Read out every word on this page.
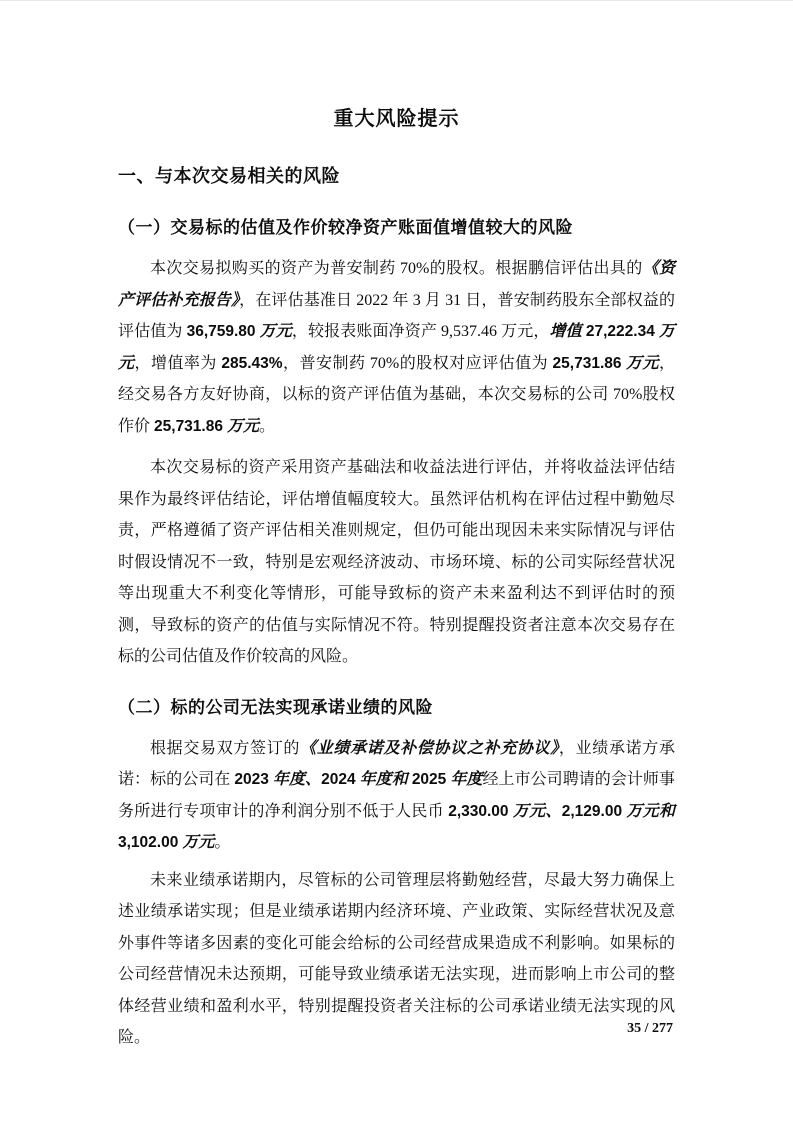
重大风险提示
一、与本次交易相关的风险
（一）交易标的估值及作价较净资产账面值增值较大的风险

本次交易拟购买的资产为普安制药 70%的股权。根据鹏信评估出具的《资产评估补充报告》，在评估基准日 2022 年 3 月 31 日，普安制药股东全部权益的评估值为 36,759.80 万元，较报表账面净资产 9,537.46 万元，增值 27,222.34 万元，增值率为 285.43%，普安制药 70%的股权对应评估值为 25,731.86 万元，经交易各方友好协商，以标的资产评估值为基础，本次交易标的公司 70%股权作价 25,731.86 万元。

本次交易标的资产采用资产基础法和收益法进行评估，并将收益法评估结果作为最终评估结论，评估增值幅度较大。虽然评估机构在评估过程中勤勉尽责，严格遵循了资产评估相关准则规定，但仍可能出现因未来实际情况与评估时假设情况不一致，特别是宏观经济波动、市场环境、标的公司实际经营状况等出现重大不利变化等情形，可能导致标的资产未来盈利达不到评估时的预测，导致标的资产的估值与实际情况不符。特别提醒投资者注意本次交易存在标的公司估值及作价较高的风险。

（二）标的公司无法实现承诺业绩的风险

根据交易双方签订的《业绩承诺及补偿协议之补充协议》，业绩承诺方承诺：标的公司在 2023 年度、2024 年度和 2025 年度经上市公司聘请的会计师事务所进行专项审计的净利润分别不低于人民币 2,330.00 万元、2,129.00 万元和 3,102.00 万元。

未来业绩承诺期内，尽管标的公司管理层将勤勉经营，尽最大努力确保上述业绩承诺实现；但是业绩承诺期内经济环境、产业政策、实际经营状况及意外事件等诸多因素的变化可能会给标的公司经营成果造成不利影响。如果标的公司经营情况未达预期，可能导致业绩承诺无法实现，进而影响上市公司的整体经营业绩和盈利水平，特别提醒投资者关注标的公司承诺业绩无法实现的风险。

35 / 277
